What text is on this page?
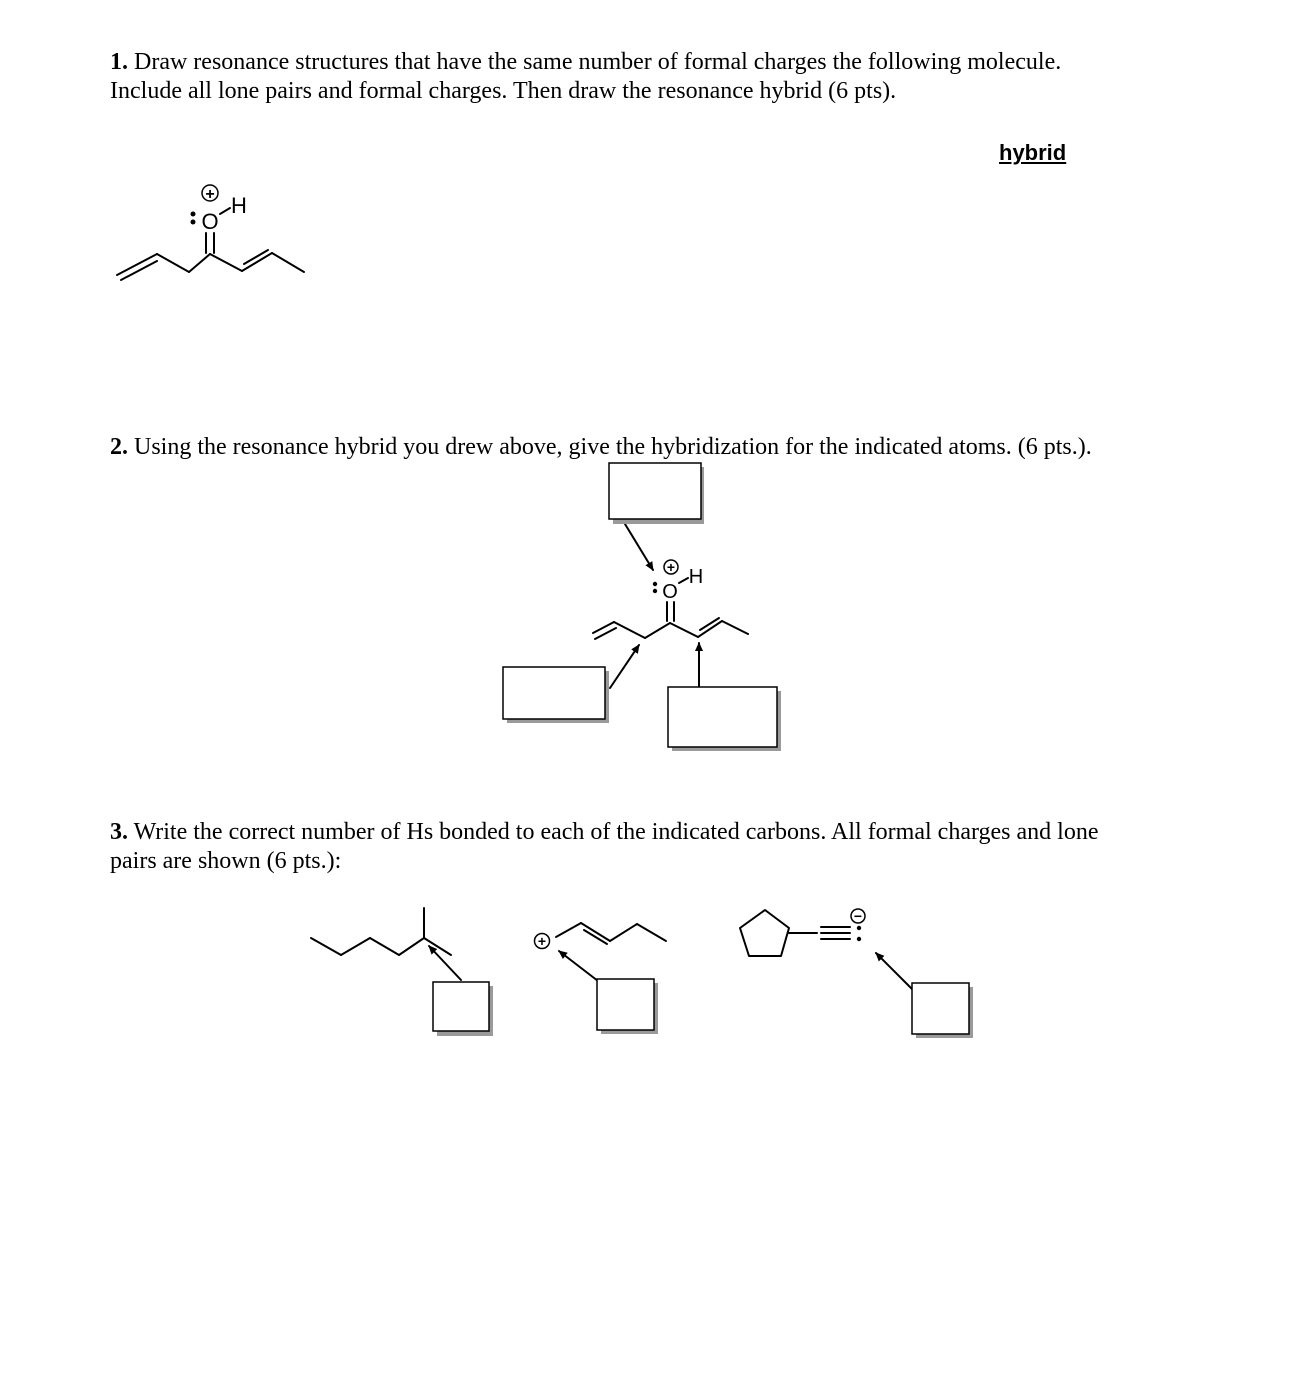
1. Draw resonance structures that have the same number of formal charges the following molecule.
Include all lone pairs and formal charges. Then draw the resonance hybrid (6 pts).
hybrid
2. Using the resonance hybrid you drew above, give the hybridization for the indicated atoms. (6 pts.).
3. Write the correct number of Hs bonded to each of the indicated carbons. All formal charges and lone
pairs are shown (6 pts.):
O
H
+
O
H
+
+
−
